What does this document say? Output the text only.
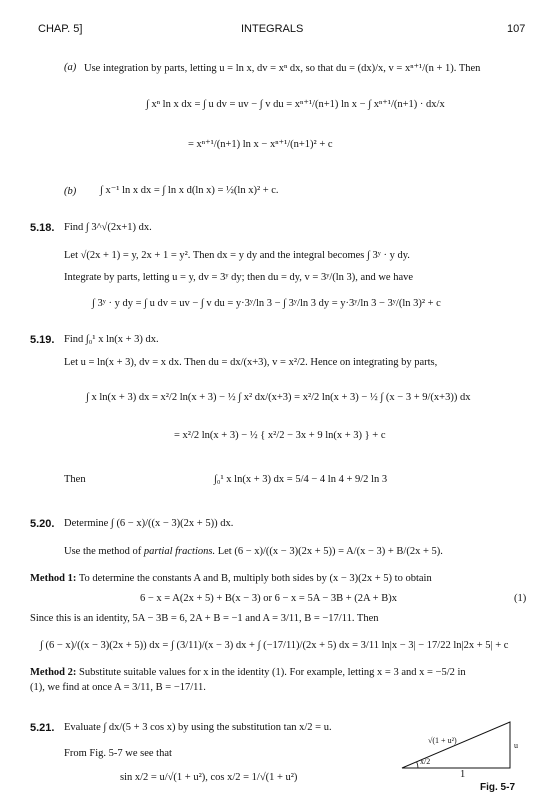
CHAP. 5]	INTEGRALS	107
(a) Use integration by parts, letting u = ln x, dv = xⁿ dx, so that du = (dx)/x, v = xⁿ⁺¹/(n + 1). Then
∫ xⁿ ln x dx = ∫ u dv = uv − ∫ v du = xⁿ⁺¹/(n+1) ln x − ∫ xⁿ⁺¹/(n+1) · dx/x
= xⁿ⁺¹/(n+1) ln x − xⁿ⁺¹/(n+1)² + c
(b) ∫ x⁻¹ ln x dx = ∫ ln x d(ln x) = ½(ln x)² + c.
5.18. Find ∫ 3^√(2x+1) dx.
Let √(2x + 1) = y, 2x + 1 = y². Then dx = y dy and the integral becomes ∫ 3ʸ · y dy.
Integrate by parts, letting u = y, dv = 3ʸ dy; then du = dy, v = 3ʸ/(ln 3), and we have
∫ 3ʸ · y dy = ∫ u dv = uv − ∫ v du = y·3ʸ/ln 3 − ∫ 3ʸ/ln 3 dy = y·3ʸ/ln 3 − 3ʸ/(ln 3)² + c
5.19. Find ∫₀¹ x ln(x + 3) dx.
Let u = ln(x + 3), dv = x dx. Then du = dx/(x+3), v = x²/2. Hence on integrating by parts,
∫ x ln(x + 3) dx = x²/2 ln(x + 3) − ½ ∫ x² dx/(x+3) = x²/2 ln(x + 3) − ½ ∫ (x − 3 + 9/(x+3)) dx
= x²/2 ln(x + 3) − ½ { x²/2 − 3x + 9 ln(x + 3) } + c
Then	∫₀¹ x ln(x + 3) dx = 5/4 − 4 ln 4 + 9/2 ln 3
5.20. Determine ∫ (6 − x)/((x − 3)(2x + 5)) dx.
Use the method of partial fractions. Let (6 − x)/((x − 3)(2x + 5)) = A/(x − 3) + B/(2x + 5).
Method 1: To determine the constants A and B, multiply both sides by (x − 3)(2x + 5) to obtain
6 − x = A(2x + 5) + B(x − 3) or 6 − x = 5A − 3B + (2A + B)x	(1)
Since this is an identity, 5A − 3B = 6, 2A + B = −1 and A = 3/11, B = −17/11. Then
∫ (6 − x)/((x − 3)(2x + 5)) dx = ∫ (3/11)/(x − 3) dx + ∫ (−17/11)/(2x + 5) dx = 3/11 ln|x − 3| − 17/22 ln|2x + 5| + c
Method 2: Substitute suitable values for x in the identity (1). For example, letting x = 3 and x = −5/2 in
(1), we find at once A = 3/11, B = −17/11.
5.21. Evaluate ∫ dx/(5 + 3 cos x) by using the substitution tan x/2 = u.
From Fig. 5-7 we see that
sin x/2 = u/√(1 + u²), cos x/2 = 1/√(1 + u²)
√(1 + u²)
u
x/2
1
Fig. 5-7
